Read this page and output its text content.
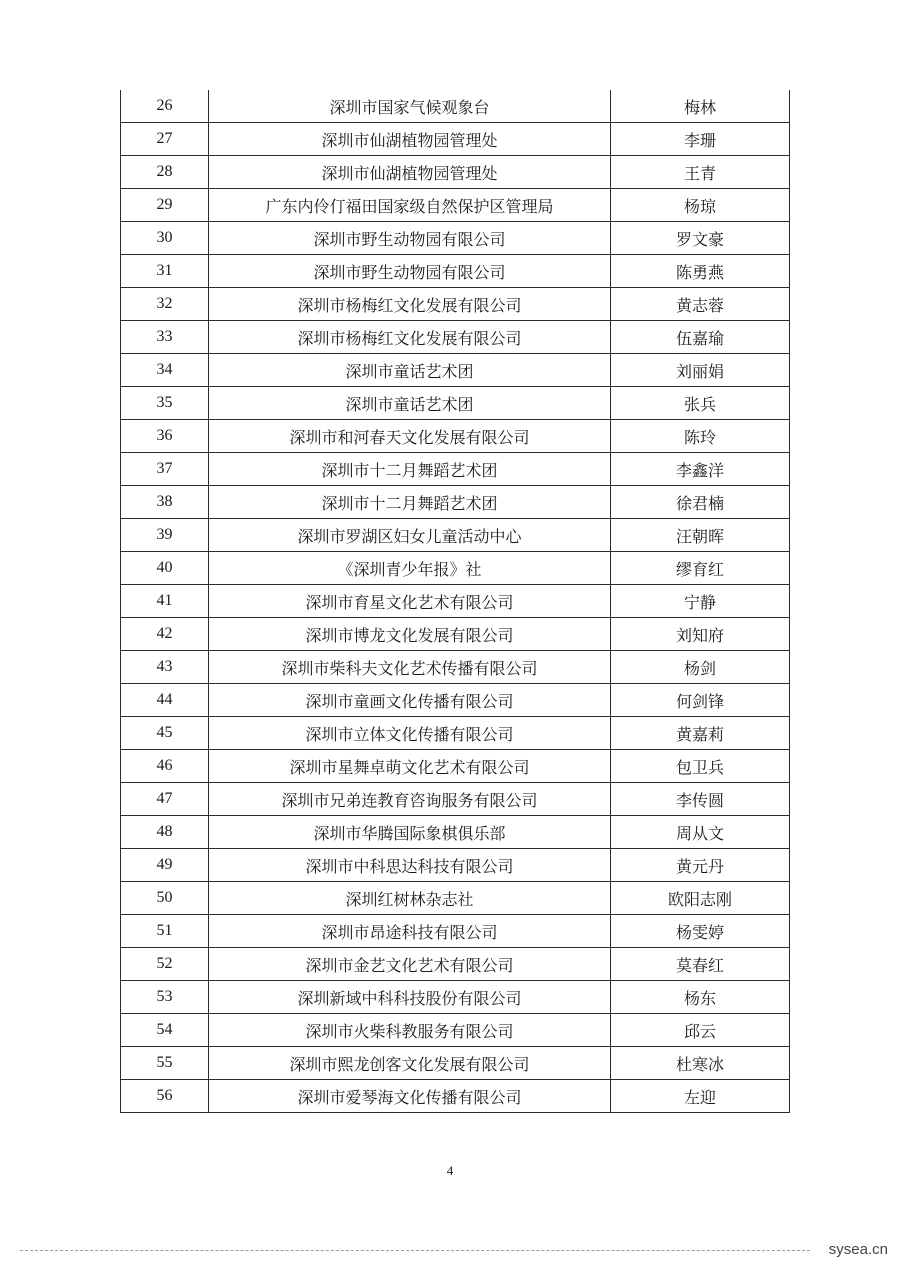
26	深圳市国家气候观象台	梅林
27	深圳市仙湖植物园管理处	李珊
28	深圳市仙湖植物园管理处	王青
29	广东内伶仃福田国家级自然保护区管理局	杨琼
30	深圳市野生动物园有限公司	罗文豪
31	深圳市野生动物园有限公司	陈勇燕
32	深圳市杨梅红文化发展有限公司	黄志蓉
33	深圳市杨梅红文化发展有限公司	伍嘉瑜
34	深圳市童话艺术团	刘丽娟
35	深圳市童话艺术团	张兵
36	深圳市和河春天文化发展有限公司	陈玲
37	深圳市十二月舞蹈艺术团	李鑫洋
38	深圳市十二月舞蹈艺术团	徐君楠
39	深圳市罗湖区妇女儿童活动中心	汪朝晖
40	《深圳青少年报》社	缪育红
41	深圳市育星文化艺术有限公司	宁静
42	深圳市博龙文化发展有限公司	刘知府
43	深圳市柴科夫文化艺术传播有限公司	杨剑
44	深圳市童画文化传播有限公司	何剑锋
45	深圳市立体文化传播有限公司	黄嘉莉
46	深圳市星舞卓萌文化艺术有限公司	包卫兵
47	深圳市兄弟连教育咨询服务有限公司	李传圆
48	深圳市华腾国际象棋俱乐部	周从文
49	深圳市中科思达科技有限公司	黄元丹
50	深圳红树林杂志社	欧阳志刚
51	深圳市昂途科技有限公司	杨雯婷
52	深圳市金艺文化艺术有限公司	莫春红
53	深圳新域中科科技股份有限公司	杨东
54	深圳市火柴科教服务有限公司	邱云
55	深圳市熙龙创客文化发展有限公司	杜寒冰
56	深圳市爱琴海文化传播有限公司	左迎
4
sysea.cn
